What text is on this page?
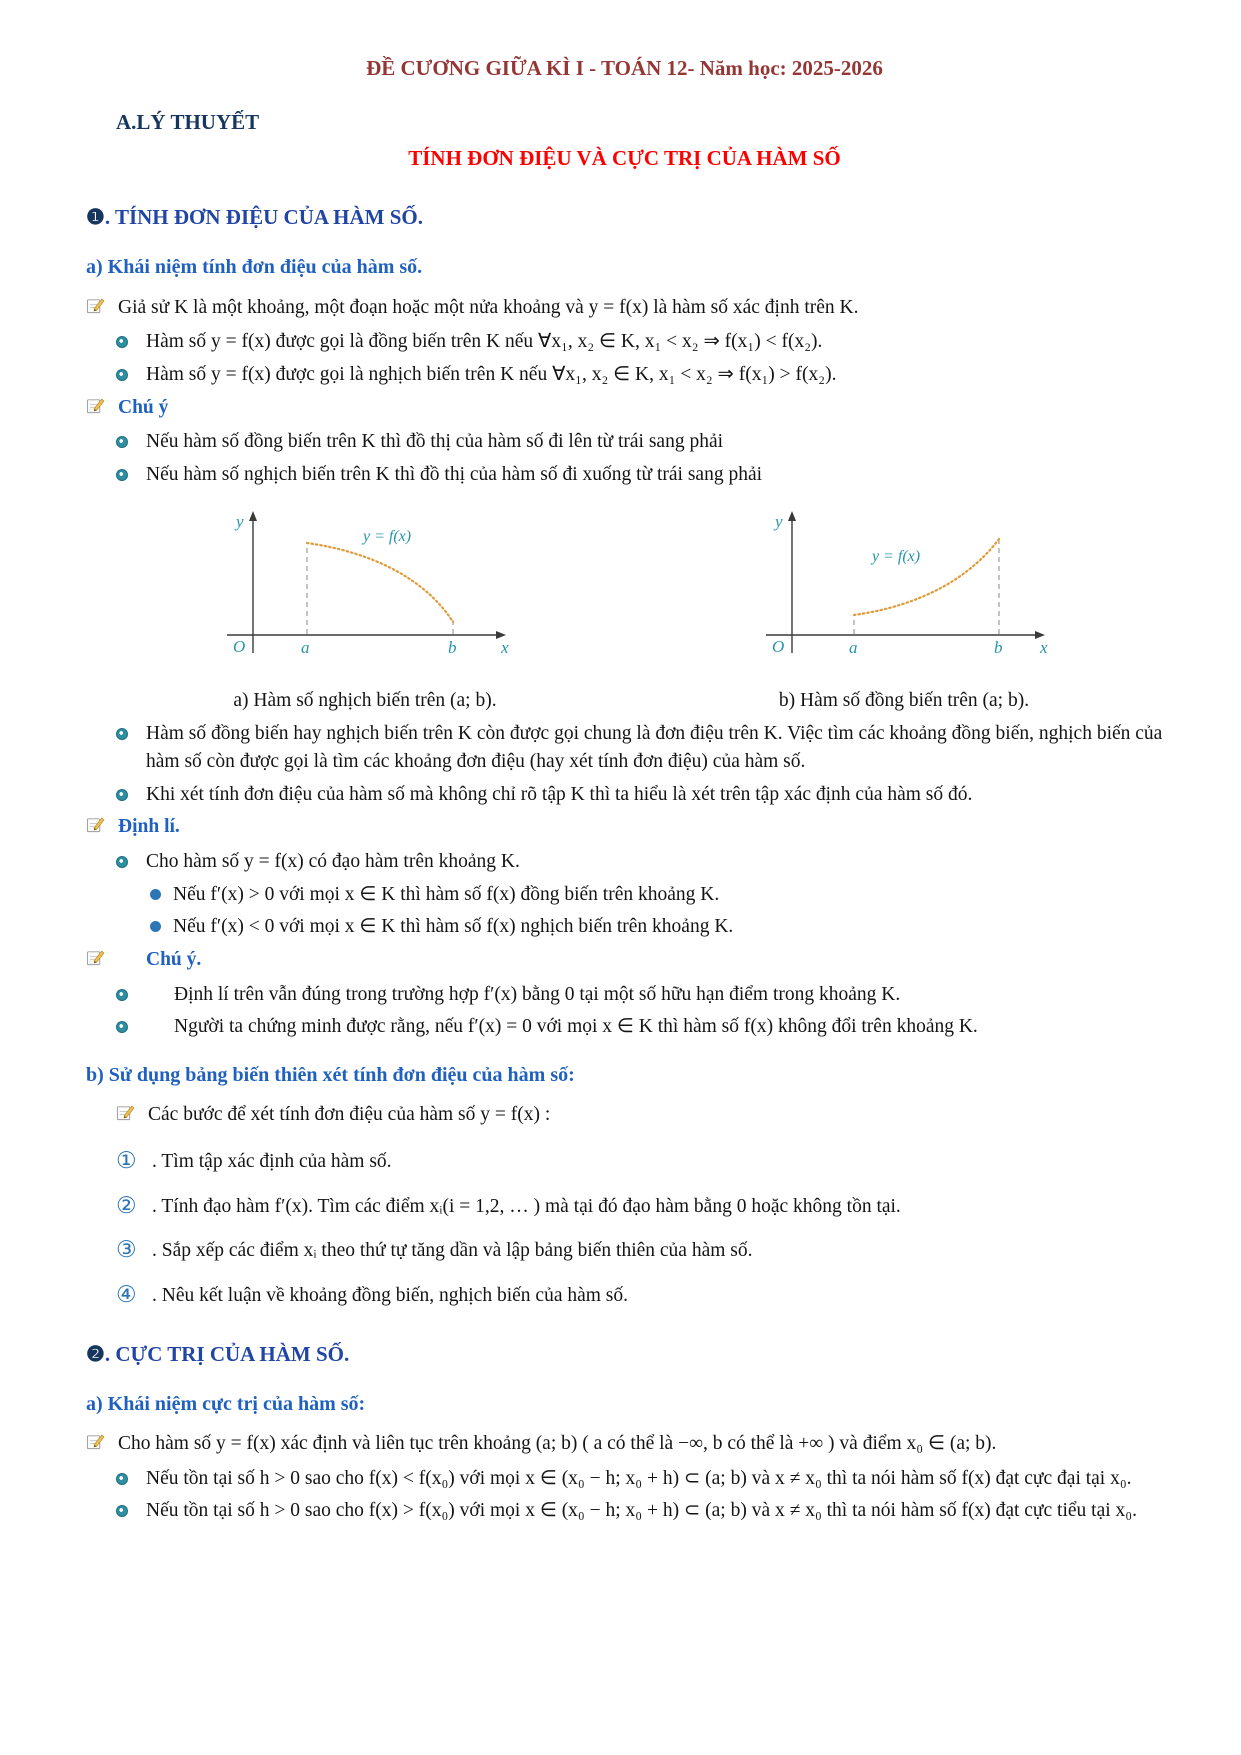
ĐỀ CƯƠNG GIỮA KÌ I - TOÁN 12- Năm học: 2025-2026
A.LÝ THUYẾT
TÍNH ĐƠN ĐIỆU VÀ CỰC TRỊ CỦA HÀM SỐ
❶. TÍNH ĐƠN ĐIỆU CỦA HÀM SỐ.
a) Khái niệm tính đơn điệu của hàm số.
Giả sử K là một khoảng, một đoạn hoặc một nửa khoảng và y = f(x) là hàm số xác định trên K.
Hàm số y = f(x) được gọi là đồng biến trên K nếu ∀x₁, x₂ ∈ K, x₁ < x₂ ⇒ f(x₁) < f(x₂).
Hàm số y = f(x) được gọi là nghịch biến trên K nếu ∀x₁, x₂ ∈ K, x₁ < x₂ ⇒ f(x₁) > f(x₂).
Chú ý
Nếu hàm số đồng biến trên K thì đồ thị của hàm số đi lên từ trái sang phải
Nếu hàm số nghịch biến trên K thì đồ thị của hàm số đi xuống từ trái sang phải
y
x
O	a	b
y = f(x)
a) Hàm số nghịch biến trên (a; b).
y
x
O	a	b
y = f(x)
b) Hàm số đồng biến trên (a; b).
Hàm số đồng biến hay nghịch biến trên K còn được gọi chung là đơn điệu trên K. Việc tìm các khoảng đồng biến, nghịch biến của hàm số còn được gọi là tìm các khoảng đơn điệu (hay xét tính đơn điệu) của hàm số.
Khi xét tính đơn điệu của hàm số mà không chỉ rõ tập K thì ta hiểu là xét trên tập xác định của hàm số đó.
Định lí.
Cho hàm số y = f(x) có đạo hàm trên khoảng K.
Nếu f′(x) > 0 với mọi x ∈ K thì hàm số f(x) đồng biến trên khoảng K.
Nếu f′(x) < 0 với mọi x ∈ K thì hàm số f(x) nghịch biến trên khoảng K.
Chú ý.
Định lí trên vẫn đúng trong trường hợp f′(x) bằng 0 tại một số hữu hạn điểm trong khoảng K.
Người ta chứng minh được rằng, nếu f′(x) = 0 với mọi x ∈ K thì hàm số f(x) không đổi trên khoảng K.
b) Sử dụng bảng biến thiên xét tính đơn điệu của hàm số:
Các bước để xét tính đơn điệu của hàm số y = f(x) :
① . Tìm tập xác định của hàm số.
② . Tính đạo hàm f′(x). Tìm các điểm xᵢ(i = 1,2, … ) mà tại đó đạo hàm bằng 0 hoặc không tồn tại.
③ . Sắp xếp các điểm xᵢ theo thứ tự tăng dần và lập bảng biến thiên của hàm số.
④ . Nêu kết luận về khoảng đồng biến, nghịch biến của hàm số.
❷. CỰC TRỊ CỦA HÀM SỐ.
a) Khái niệm cực trị của hàm số:
Cho hàm số y = f(x) xác định và liên tục trên khoảng (a; b) ( a có thể là −∞, b có thể là +∞ ) và điểm x₀ ∈ (a; b).
Nếu tồn tại số h > 0 sao cho f(x) < f(x₀) với mọi x ∈ (x₀ − h; x₀ + h) ⊂ (a; b) và x ≠ x₀ thì ta nói hàm số f(x) đạt cực đại tại x₀.
Nếu tồn tại số h > 0 sao cho f(x) > f(x₀) với mọi x ∈ (x₀ − h; x₀ + h) ⊂ (a; b) và x ≠ x₀ thì ta nói hàm số f(x) đạt cực tiểu tại x₀.
